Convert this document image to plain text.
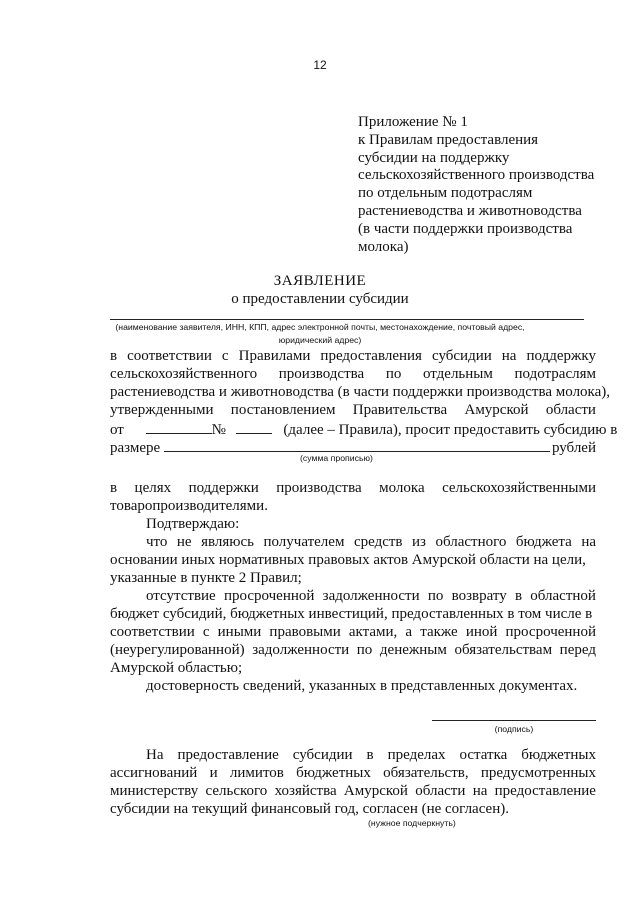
12
Приложение № 1
к Правилам предоставления
субсидии на поддержку
сельскохозяйственного производства
по отдельным подотраслям
растениеводства и животноводства
(в части поддержки производства
молока)
ЗАЯВЛЕНИЕ
о предоставлении субсидии
(наименование заявителя, ИНН, КПП, адрес электронной почты, местонахождение, почтовый адрес,
юридический адрес)
в соответствии с Правилами предоставления субсидии на поддержку
сельскохозяйственного производства по отдельным подотраслям
растениеводства и животноводства (в части поддержки производства молока),
утвержденными постановлением Правительства Амурской области
от	№	(далее – Правила), просит предоставить субсидию в
размере	рублей
(сумма прописью)
в целях поддержки производства молока сельскохозяйственными
товаропроизводителями.
Подтверждаю:
что не являюсь получателем средств из областного бюджета на
основании иных нормативных правовых актов Амурской области на цели,
указанные в пункте 2 Правил;
отсутствие просроченной задолженности по возврату в областной
бюджет субсидий, бюджетных инвестиций, предоставленных в том числе в
соответствии с иными правовыми актами, а также иной просроченной
(неурегулированной) задолженности по денежным обязательствам перед
Амурской областью;
достоверность сведений, указанных в представленных документах.
(подпись)
На предоставление субсидии в пределах остатка бюджетных
ассигнований и лимитов бюджетных обязательств, предусмотренных
министерству сельского хозяйства Амурской области на предоставление
субсидии на текущий финансовый год, согласен (не согласен).
(нужное подчеркнуть)
